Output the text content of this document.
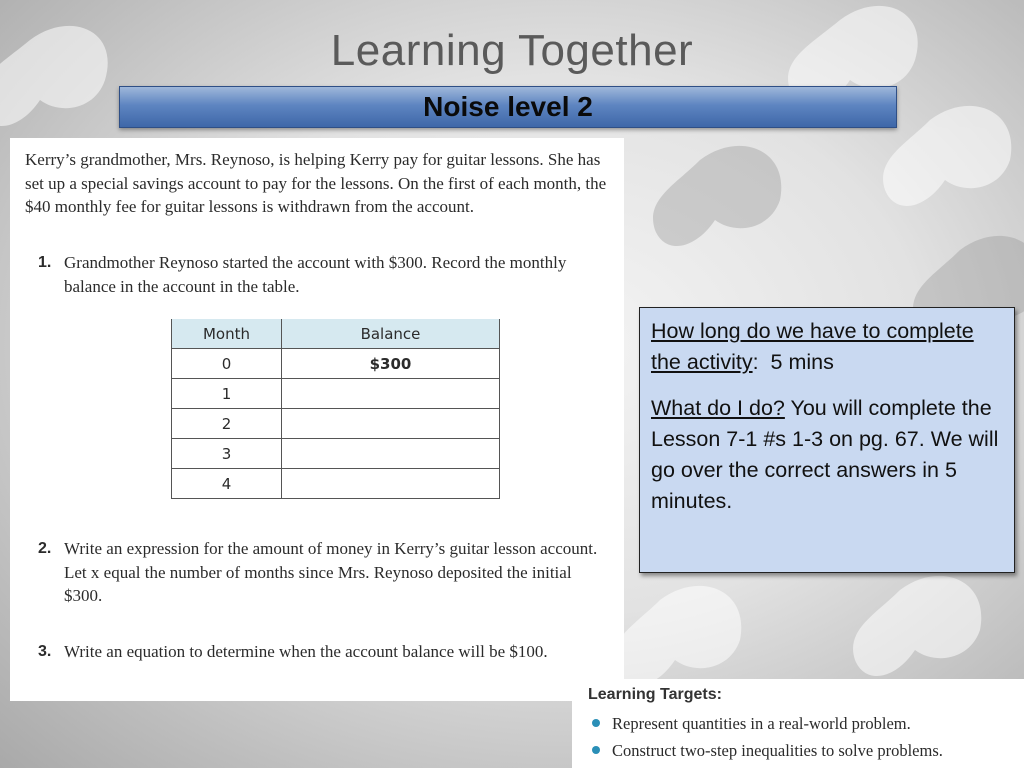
Learning Together
Noise level 2
Kerry’s grandmother, Mrs. Reynoso, is helping Kerry pay for guitar lessons. She has set up a special savings account to pay for the lessons. On the first of each month, the $40 monthly fee for guitar lessons is withdrawn from the account.
1. Grandmother Reynoso started the account with $300. Record the monthly balance in the account in the table.
Month	Balance
0	$300
1	
2	
3	
4	
2. Write an expression for the amount of money in Kerry’s guitar lesson account. Let x equal the number of months since Mrs. Reynoso deposited the initial $300.
3. Write an equation to determine when the account balance will be $100.

How long do we have to complete the activity: 5 mins

What do I do? You will complete the Lesson 7-1 #s 1-3 on pg. 67. We will go over the correct answers in 5 minutes.

Learning Targets:
Represent quantities in a real-world problem.
Construct two-step inequalities to solve problems.
